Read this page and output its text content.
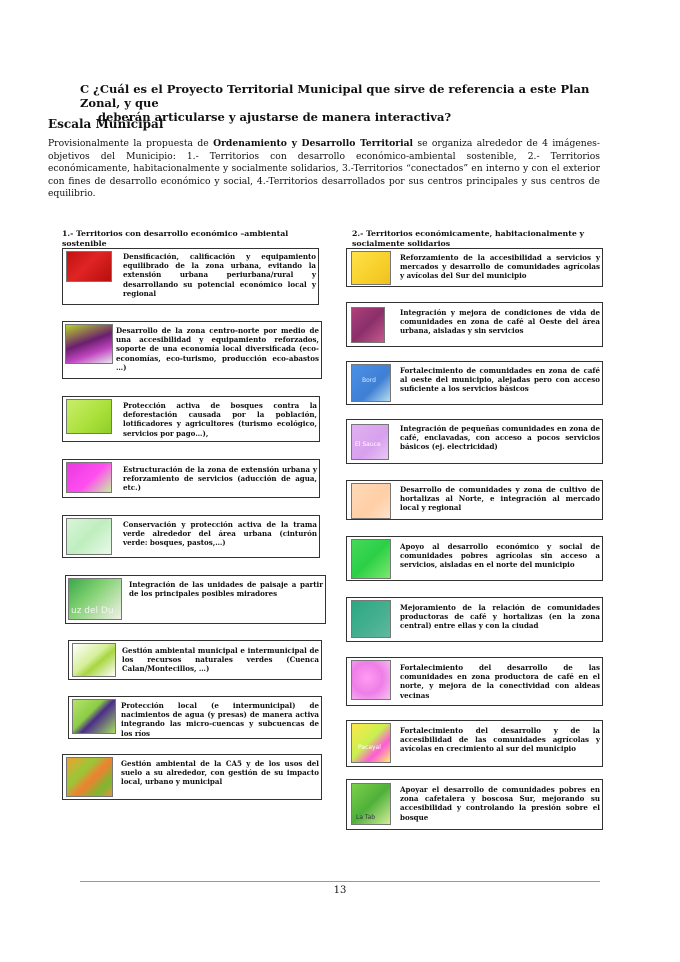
C ¿Cuál es el Proyecto Territorial Municipal que sirve de referencia a este Plan Zonal, y que
deberán articularse y ajustarse de manera interactiva?
Escala Municipal
Provisionalmente la propuesta de Ordenamiento y Desarrollo Territorial se organiza alrededor de 4 imágenes-objetivos del Municipio: 1.- Territorios con desarrollo económico-ambiental sostenible, 2.- Territorios económicamente, habitacionalmente y socialmente solidarios, 3.-Territorios “conectados” en interno y con el exterior con fines de desarrollo económico y social, 4.-Territorios desarrollados por sus centros principales y sus centros de equilibrio.
1.- Territorios con desarrollo económico –ambiental sostenible
2.- Territorios económicamente, habitacionalmente y socialmente solidarios
Densificación, calificación y equipamiento equilibrado de la zona urbana, evitando la extensión urbana periurbana/rural y desarrollando su potencial económico local y regional
Desarrollo de la zona centro-norte por medio de una accesibilidad y equipamiento reforzados, soporte de una economía local diversificada (eco-economías, eco-turismo, producción eco-abastos …)
Protección activa de bosques contra la deforestación causada por la población, lotificadores y agricultores (turismo ecológico, servicios por pago…),
Estructuración de la zona de extensión urbana y reforzamiento de servicios (aducción de agua, etc.)
Conservación y protección activa de la trama verde alrededor del área urbana (cinturón verde: bosques, pastos,…)
uz del Du
Integración de las unidades de paisaje a partir de los principales posibles miradores
Gestión ambiental municipal e intermunicipal de los recursos naturales verdes (Cuenca Calan/Montecillos, …)
Protección local (e intermunicipal) de nacimientos de agua (y presas) de manera activa integrando las micro-cuencas y subcuencas de los ríos
Gestión ambiental de la CA5 y de los usos del suelo a su alrededor, con gestión de su impacto local, urbano y municipal
Reforzamiento de la accesibilidad a servicios y mercados y desarrollo de comunidades agrícolas y avícolas del Sur del municipio
Integración y mejora de condiciones de vida de comunidades en zona de café al Oeste del área urbana, aisladas y sin servicios
Bord
Fortalecimiento de comunidades en zona de café al oeste del municipio, alejadas pero con acceso suficiente a los servicios básicos
El Sauce
Integración de pequeñas comunidades en zona de café, enclavadas, con acceso a pocos servicios básicos (ej. electricidad)
Desarrollo de comunidades y zona de cultivo de hortalizas al Norte, e integración al mercado local y regional
Apoyo al desarrollo económico y social de comunidades pobres agrícolas sin acceso a servicios, aisladas en el norte del municipio
Mejoramiento de la relación de comunidades productoras de café y hortalizas (en la zona central) entre ellas y con la ciudad
Fortalecimiento del desarrollo de las comunidades en zona productora de café en el norte, y mejora de la conectividad con aldeas vecinas
Pacayal
Fortalecimiento del desarrollo y de la accesibilidad de las comunidades agrícolas y avícolas en crecimiento al sur del municipio
La Tab
Apoyar el desarrollo de comunidades pobres en zona cafetalera y boscosa Sur, mejorando su accesibilidad y controlando la presión sobre el bosque
13
